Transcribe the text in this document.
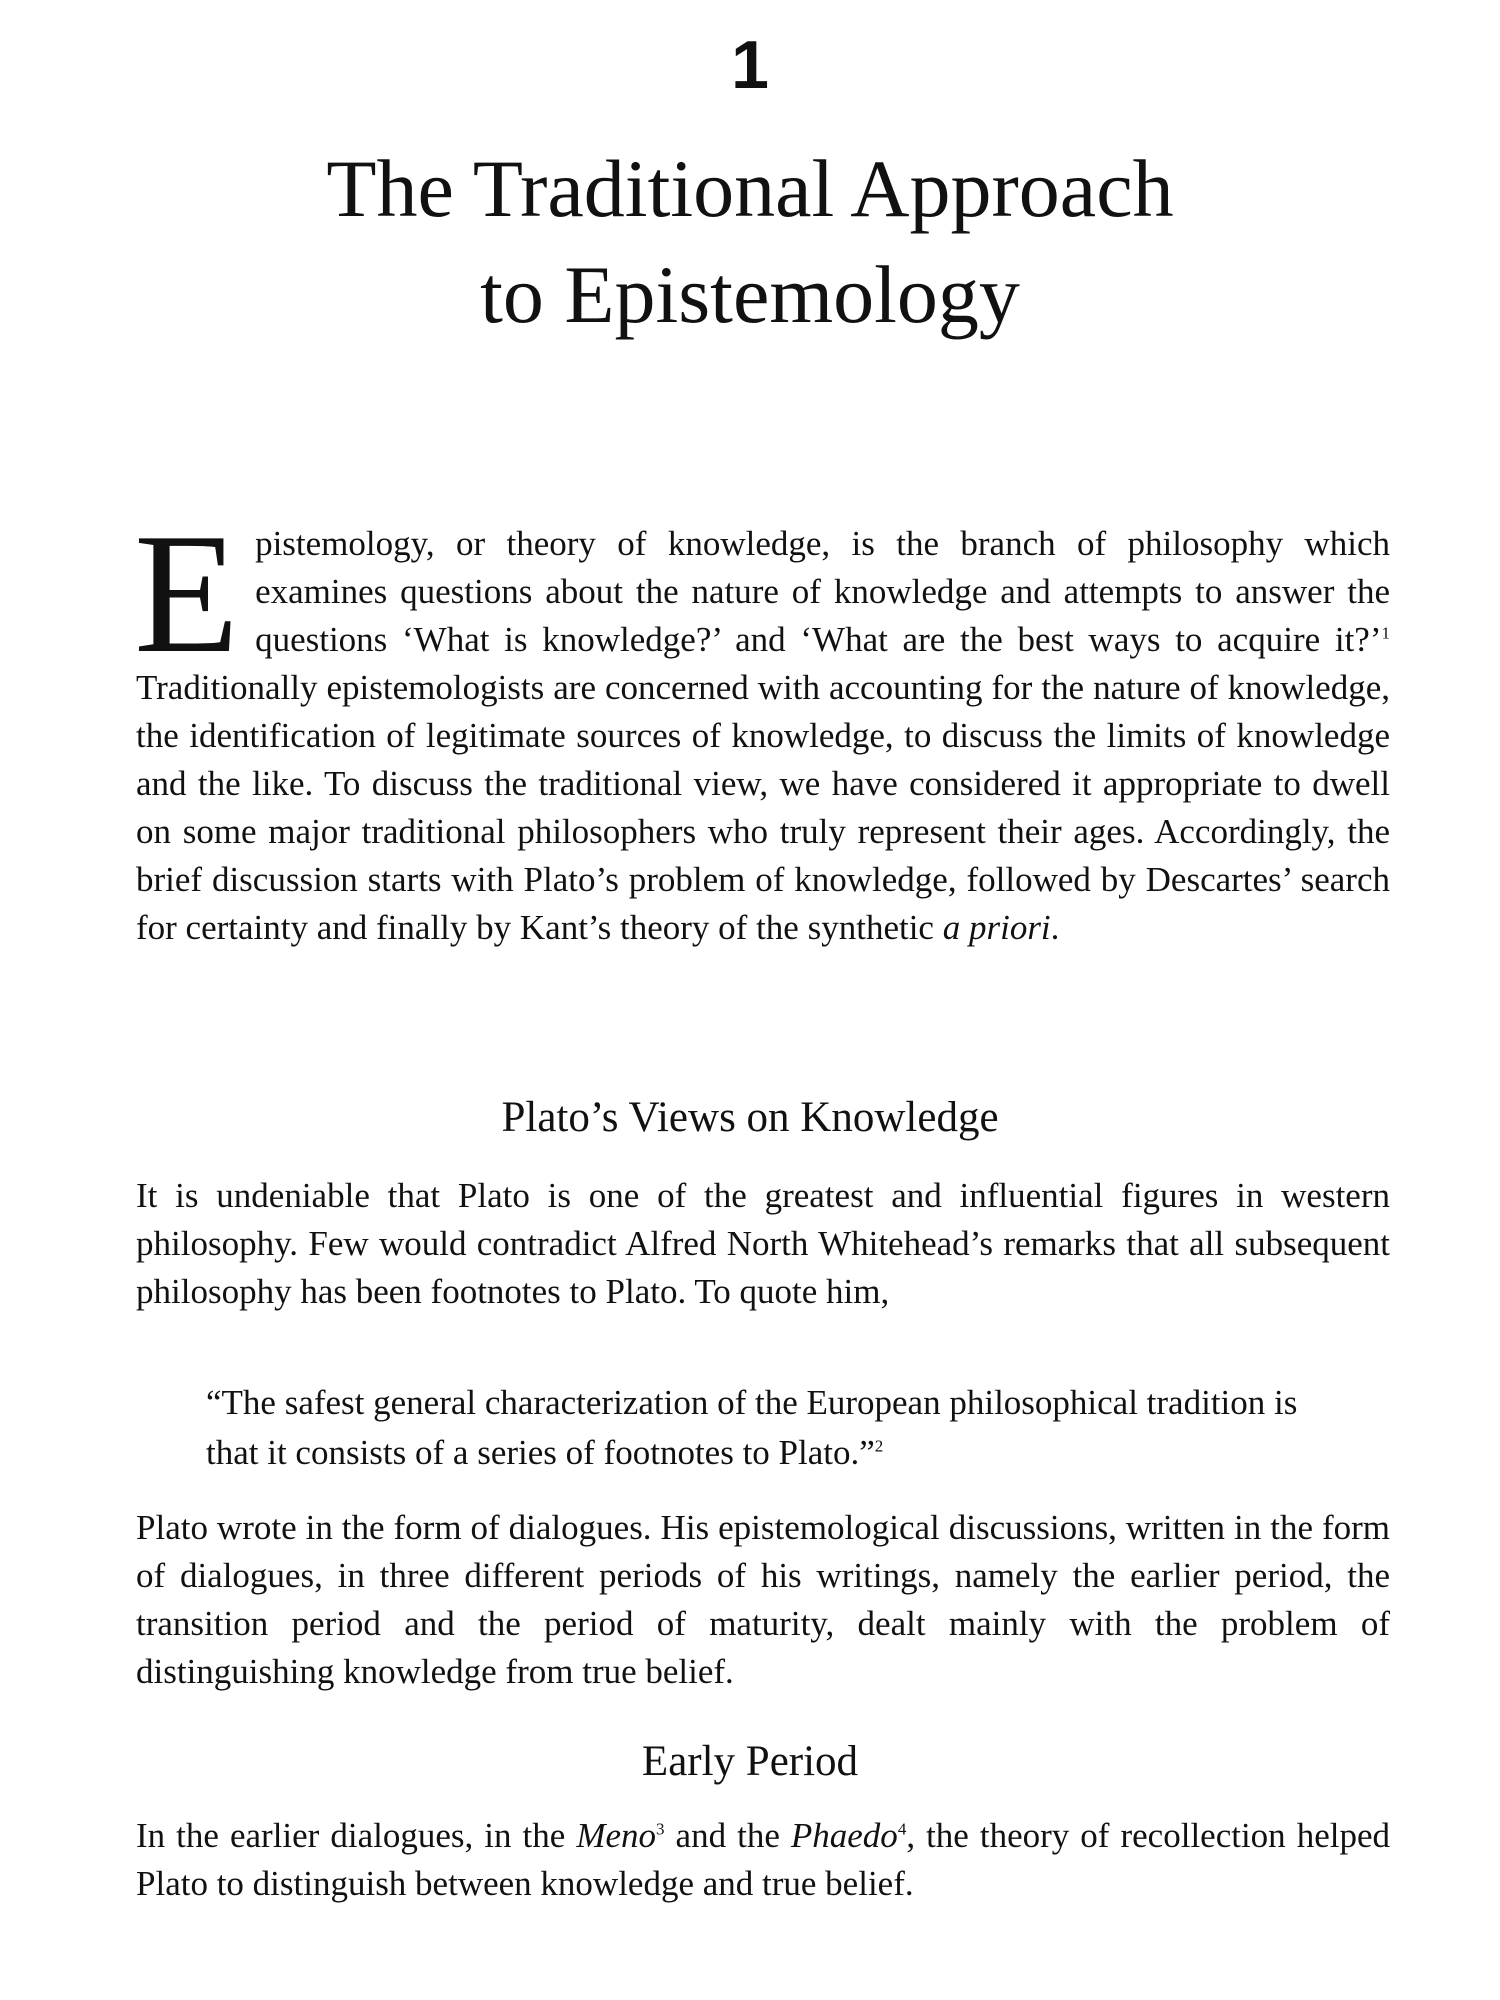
1
The Traditional Approach
to Epistemology

Epistemology, or theory of knowledge, is the branch of philosophy which examines questions about the nature of knowledge and attempts to answer the questions ‘What is knowledge?’ and ‘What are the best ways to acquire it?’$^1$ Traditionally epistemologists are concerned with accounting for the nature of knowledge, the identification of legitimate sources of knowledge, to discuss the limits of knowledge and the like. To discuss the traditional view, we have considered it appropriate to dwell on some major traditional philosophers who truly represent their ages. Accordingly, the brief discussion starts with Plato’s problem of knowledge, followed by Descartes’ search for certainty and finally by Kant’s theory of the synthetic a priori.

Plato’s Views on Knowledge

It is undeniable that Plato is one of the greatest and influential figures in western philosophy. Few would contradict Alfred North Whitehead’s remarks that all subsequent philosophy has been footnotes to Plato. To quote him,

“The safest general characterization of the European philosophical tradition is that it consists of a series of footnotes to Plato.”$^2$

Plato wrote in the form of dialogues. His epistemological discussions, written in the form of dialogues, in three different periods of his writings, namely the earlier period, the transition period and the period of maturity, dealt mainly with the problem of distinguishing knowledge from true belief.

Early Period

In the earlier dialogues, in the Meno$^3$ and the Phaedo$^4$, the theory of recollection helped Plato to distinguish between knowledge and true belief.
